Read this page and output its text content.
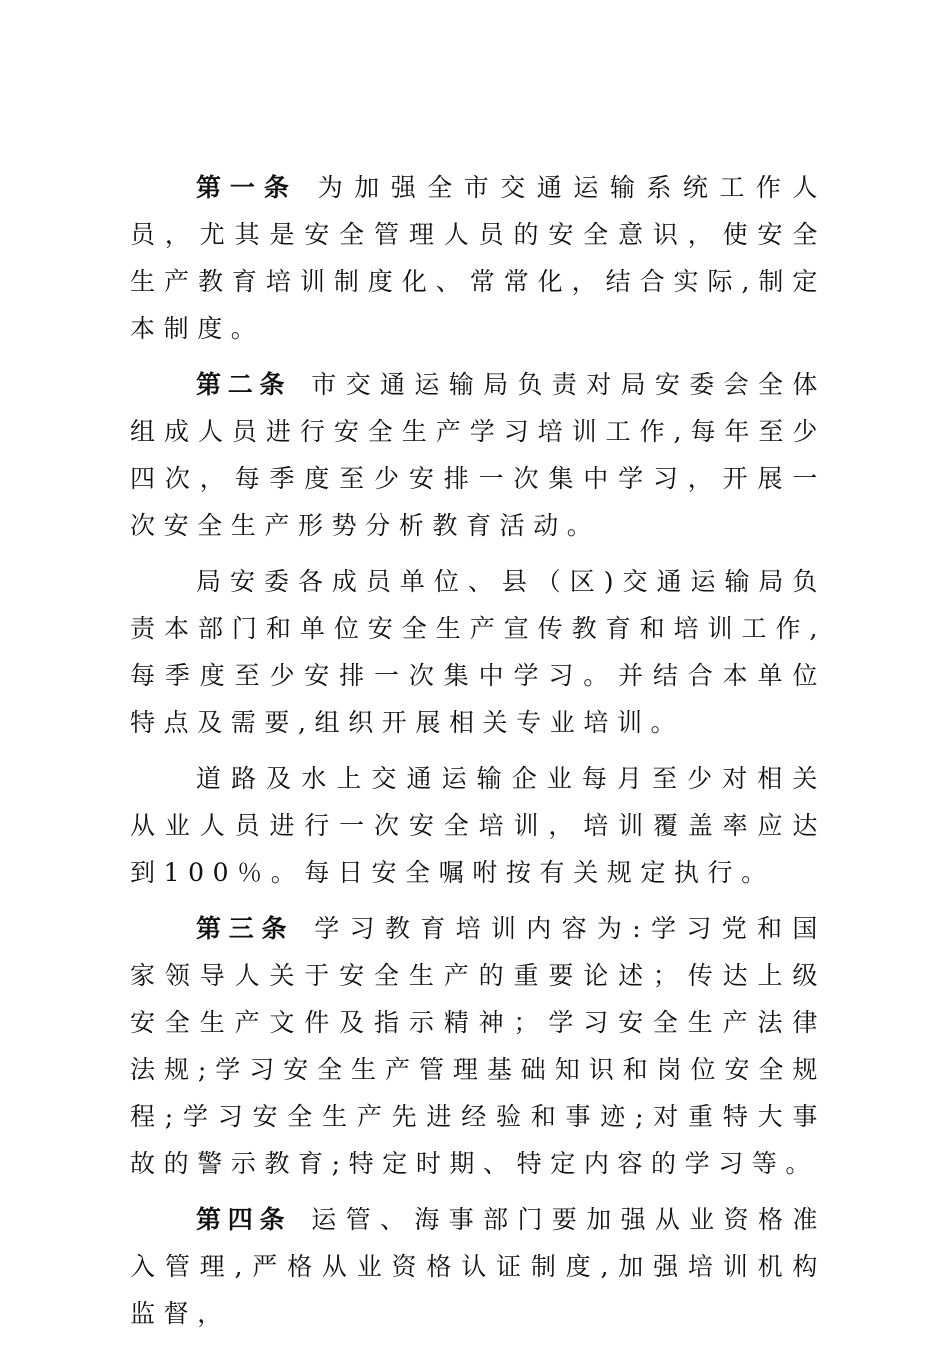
第一条 为加强全市交通运输系统工作人员，尤其是安全管理人员的安全意识，使安全生产教育培训制度化、常常化，结合实际,制定本制度。

第二条 市交通运输局负责对局安委会全体组成人员进行安全生产学习培训工作,每年至少四次，每季度至少安排一次集中学习，开展一次安全生产形势分析教育活动。

局安委各成员单位、县（区)交通运输局负责本部门和单位安全生产宣传教育和培训工作,每季度至少安排一次集中学习。并结合本单位特点及需要,组织开展相关专业培训。

道路及水上交通运输企业每月至少对相关从业人员进行一次安全培训，培训覆盖率应达到100％。每日安全嘱咐按有关规定执行。

第三条 学习教育培训内容为:学习党和国家领导人关于安全生产的重要论述；传达上级安全生产文件及指示精神；学习安全生产法律法规;学习安全生产管理基础知识和岗位安全规程;学习安全生产先进经验和事迹;对重特大事故的警示教育;特定时期、特定内容的学习等。

第四条 运管、海事部门要加强从业资格准入管理,严格从业资格认证制度,加强培训机构监督，
